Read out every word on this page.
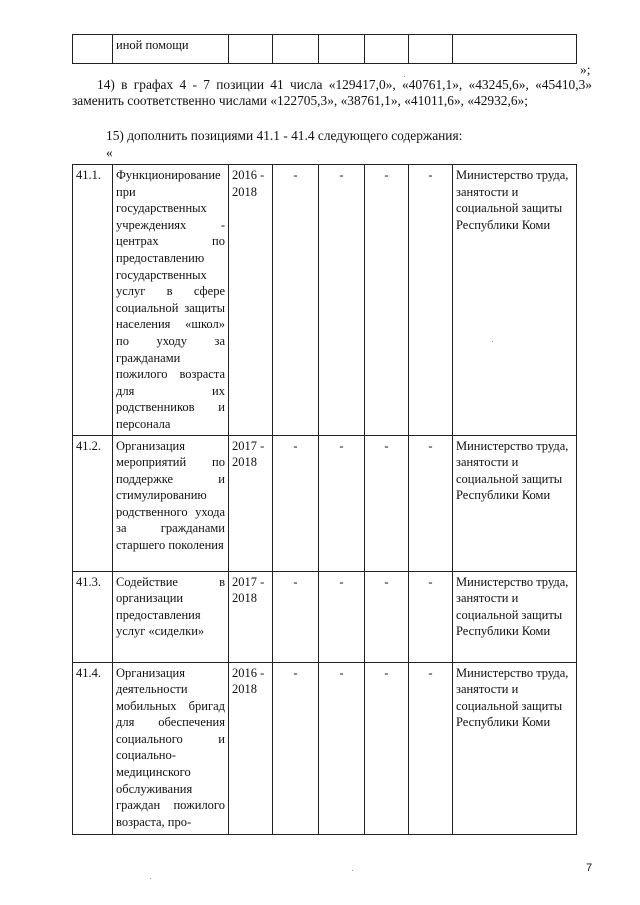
	иной помощи						
»;
14) в графах 4 - 7 позиции 41 числа «129417,0», «40761,1», «43245,6», «45410,3» заменить соответственно числами «122705,3», «38761,1», «41011,6», «42932,6»;
15) дополнить позициями 41.1 - 41.4 следующего содержания:
«
41.1.	Функционирование при государственных учреждениях - центрах по предоставлению государственных услуг в сфере социальной защиты населения «школ» по уходу за гражданами пожилого возраста для их родственников и персонала	2016 - 2018	-	-	-	-	Министерство труда, занятости и социальной защиты Республики Коми
41.2.	Организация мероприятий по поддержке и стимулированию родственного ухода за гражданами старшего поколения	2017 - 2018	-	-	-	-	Министерство труда, занятости и социальной защиты Республики Коми
41.3.	Содействие в организации предоставления услуг «сиделки»	2017 - 2018	-	-	-	-	Министерство труда, занятости и социальной защиты Республики Коми
41.4.	Организация деятельности мобильных бригад для обеспечения социального и социально-медицинского обслуживания граждан пожилого возраста, про-	2016 - 2018	-	-	-	-	Министерство труда, занятости и социальной защиты Республики Коми
7
